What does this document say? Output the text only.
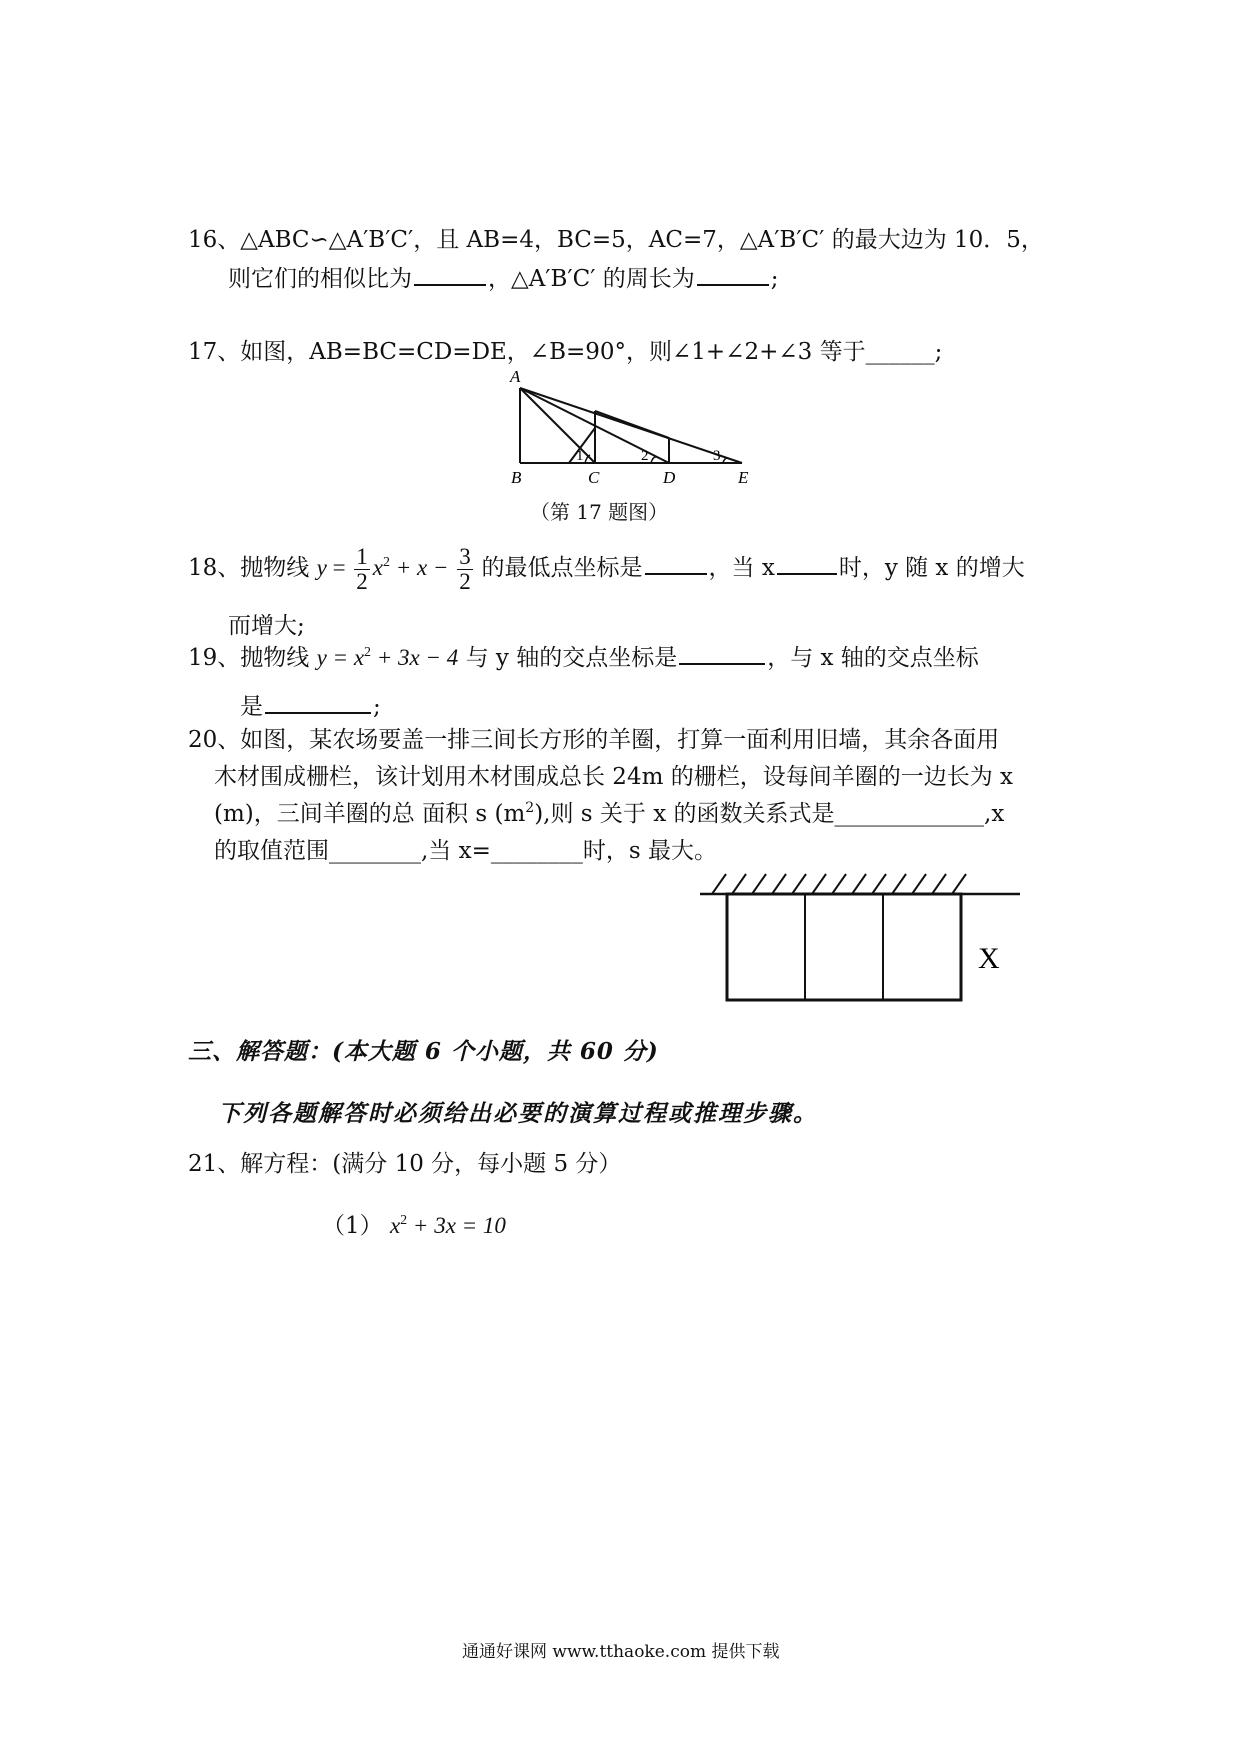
16、△ABC∽△A′B′C′，且 AB=4，BC=5，AC=7，△A′B′C′ 的最大边为 10．5，
则它们的相似比为	，△A′B′C′ 的周长为	;
17、如图，AB=BC=CD=DE，∠B=90°，则∠1+∠2+∠3 等于______;
A
B	C	D	E
1	2	3
（第 17 题图）
18、抛物线 $y = \frac{1}{2} x^2 + x - \frac{3}{2}$ 的最低点坐标是	，当 x	时，y 随 x 的增大
而增大;
19、抛物线 $y = x^2 + 3x - 4$ 与 y 轴的交点坐标是	，与 x 轴的交点坐标
是	;
20、如图，某农场要盖一排三间长方形的羊圈，打算一面利用旧墙，其余各面用
木材围成栅栏，该计划用木材围成总长 24m 的栅栏，设每间羊圈的一边长为 x
(m)，三间羊圈的总 面积 s $(m^2)$,则 s 关于 x 的函数关系式是_____________,x
的取值范围________,当 x=________时，s 最大。
X
三、解答题：(本大题 6 个小题，共 60 分)
下列各题解答时必须给出必要的演算过程或推理步骤。
21、解方程：(满分 10 分，每小题 5 分）
（1） $x^2 + 3x = 10$
通通好课网 www.tthaoke.com 提供下载
